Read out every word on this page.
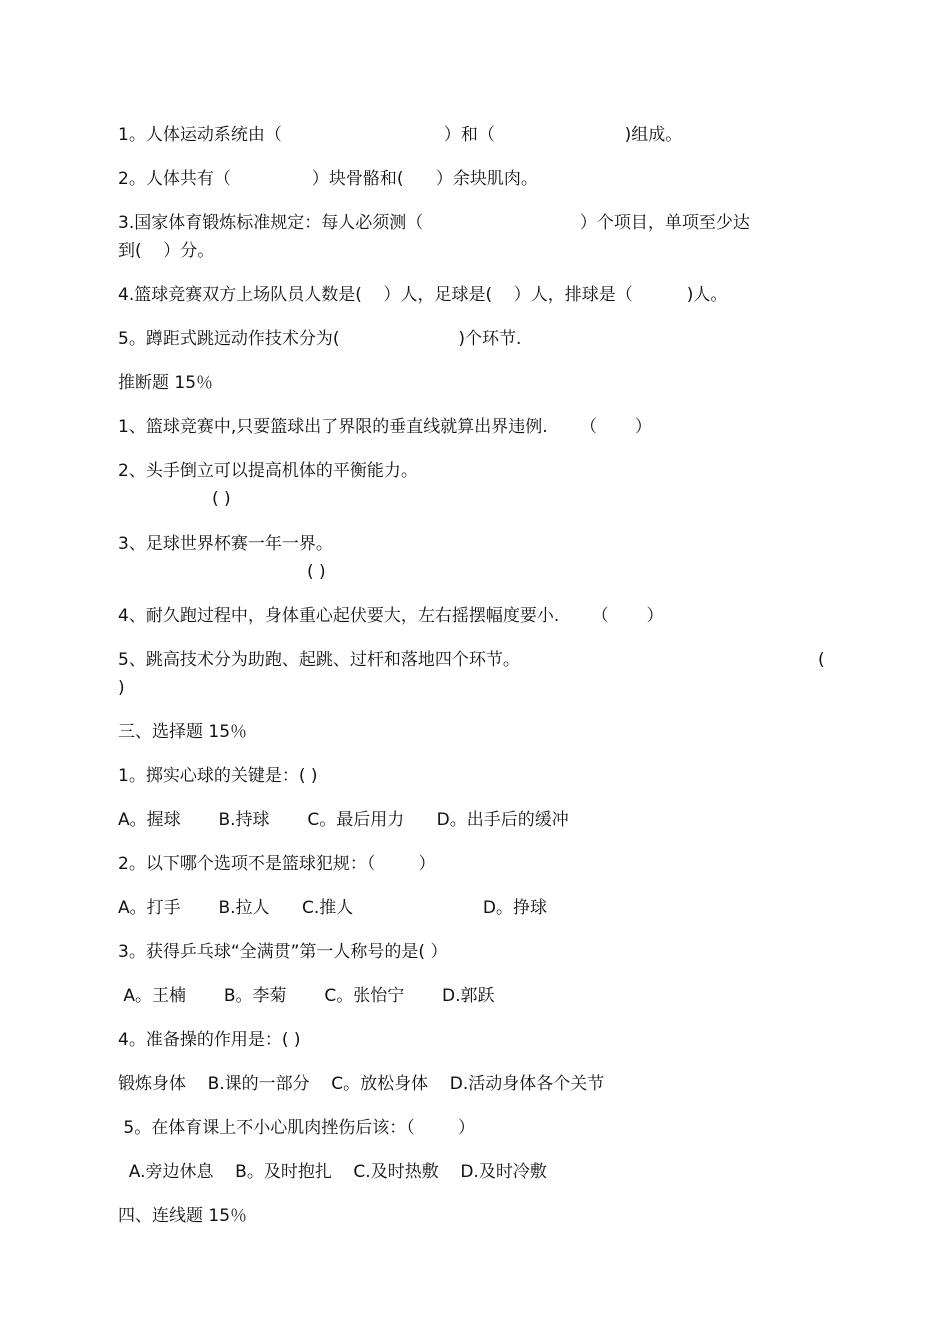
1。人体运动系统由（                              ）和（                        )组成。

2。人体共有（               ）块骨骼和(      ）余块肌肉。

3.国家体育锻炼标准规定：每人必须测（                             ）个项目，单项至少达

到(    ）分。

4.篮球竞赛双方上场队员人数是(    ）人，足球是(    ）人，排球是（          )人。

5。蹲距式跳远动作技术分为(                      )个环节.

推断题 15％

1、篮球竞赛中,只要篮球出了界限的垂直线就算出界违例.      （       ）

2、头手倒立可以提高机体的平衡能力。

( )

3、足球世界杯赛一年一界。

( )

4、耐久跑过程中，身体重心起伏要大，左右摇摆幅度要小.      （       ）

5、跳高技术分为助跑、起跳、过杆和落地四个环节。	(

)

三、选择题 15％

1。掷实心球的关键是：( )

A。握球       B.持球       C。最后用力      D。出手后的缓冲

2。以下哪个选项不是篮球犯规：（        ）

A。打手       B.拉人      C.推人                        D。挣球

3。获得乒乓球“全满贯”第一人称号的是( ）

A。王楠       B。李菊       C。张怡宁       D.郭跃

4。准备操的作用是：( )

锻炼身体    B.课的一部分    C。放松身体    D.活动身体各个关节

5。在体育课上不小心肌肉挫伤后该：（        ）

A.旁边休息    B。及时抱扎    C.及时热敷    D.及时冷敷

四、连线题 15％
